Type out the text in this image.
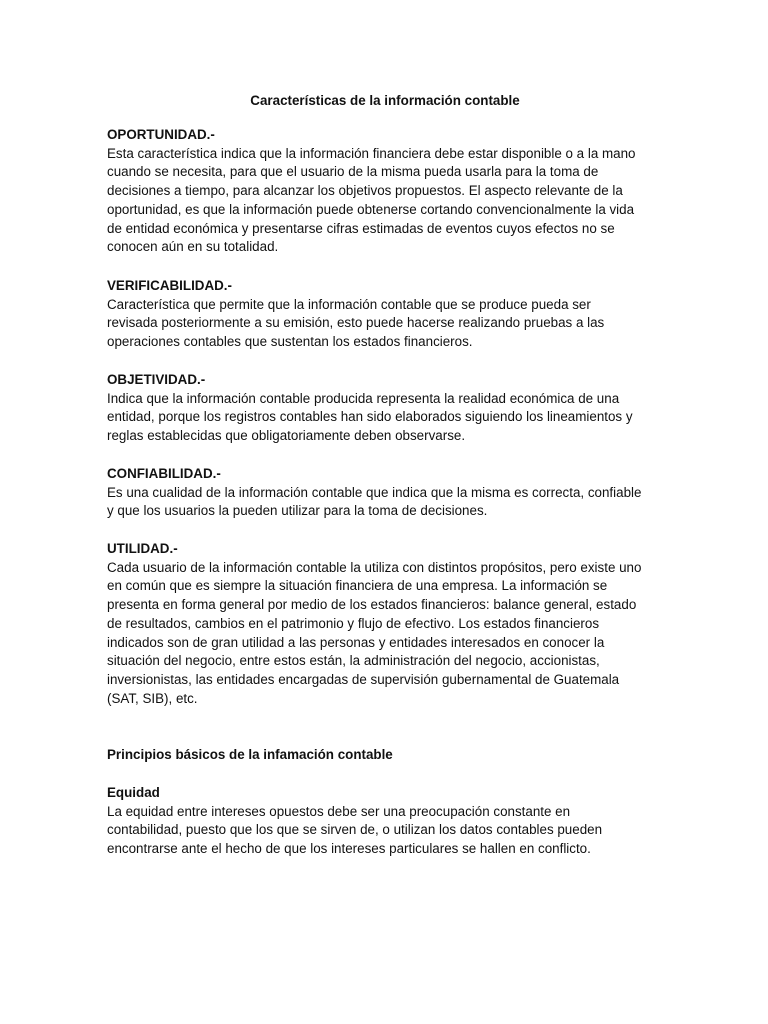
Características de la información contable

OPORTUNIDAD.-

Esta característica indica que la información financiera debe estar disponible o a la mano
cuando se necesita, para que el usuario de la misma pueda usarla para la toma de
decisiones a tiempo, para alcanzar los objetivos propuestos. El aspecto relevante de la
oportunidad, es que la información puede obtenerse cortando convencionalmente la vida
de entidad económica y presentarse cifras estimadas de eventos cuyos efectos no se
conocen aún en su totalidad.

VERIFICABILIDAD.-

Característica que permite que la información contable que se produce pueda ser
revisada posteriormente a su emisión, esto puede hacerse realizando pruebas a las
operaciones contables que sustentan los estados financieros.

OBJETIVIDAD.-

Indica que la información contable producida representa la realidad económica de una
entidad, porque los registros contables han sido elaborados siguiendo los lineamientos y
reglas establecidas que obligatoriamente deben observarse.

CONFIABILIDAD.-

Es una cualidad de la información contable que indica que la misma es correcta, confiable
y que los usuarios la pueden utilizar para la toma de decisiones.

UTILIDAD.-

Cada usuario de la información contable la utiliza con distintos propósitos, pero existe uno
en común que es siempre la situación financiera de una empresa. La información se
presenta en forma general por medio de los estados financieros: balance general, estado
de resultados, cambios en el patrimonio y flujo de efectivo. Los estados financieros
indicados son de gran utilidad a las personas y entidades interesados en conocer la
situación del negocio, entre estos están, la administración del negocio, accionistas,
inversionistas, las entidades encargadas de supervisión gubernamental de Guatemala
(SAT, SIB), etc.

Principios básicos de la infamación contable

Equidad

La equidad entre intereses opuestos debe ser una preocupación constante en
contabilidad, puesto que los que se sirven de, o utilizan los datos contables pueden
encontrarse ante el hecho de que los intereses particulares se hallen en conflicto.
